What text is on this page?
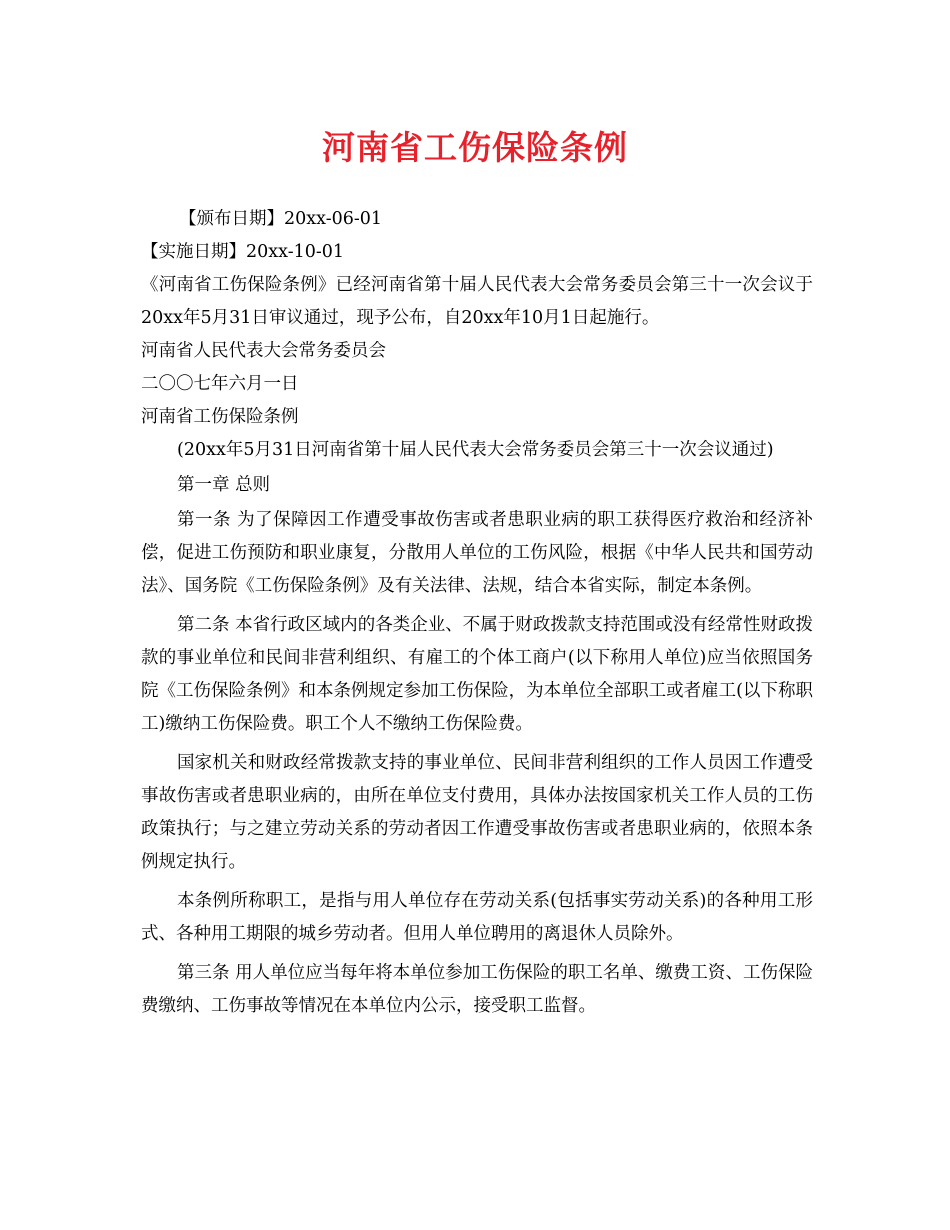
河南省工伤保险条例

【颁布日期】20xx-06-01

【实施日期】20xx-10-01

《河南省工伤保险条例》已经河南省第十届人民代表大会常务委员会第三十一次会议于20xx年5月31日审议通过，现予公布，自20xx年10月1日起施行。

河南省人民代表大会常务委员会

二〇〇七年六月一日

河南省工伤保险条例

(20xx年5月31日河南省第十届人民代表大会常务委员会第三十一次会议通过)

第一章 总则

第一条 为了保障因工作遭受事故伤害或者患职业病的职工获得医疗救治和经济补偿，促进工伤预防和职业康复，分散用人单位的工伤风险，根据《中华人民共和国劳动法》、国务院《工伤保险条例》及有关法律、法规，结合本省实际，制定本条例。

第二条 本省行政区域内的各类企业、不属于财政拨款支持范围或没有经常性财政拨款的事业单位和民间非营利组织、有雇工的个体工商户(以下称用人单位)应当依照国务院《工伤保险条例》和本条例规定参加工伤保险，为本单位全部职工或者雇工(以下称职工)缴纳工伤保险费。职工个人不缴纳工伤保险费。

国家机关和财政经常拨款支持的事业单位、民间非营利组织的工作人员因工作遭受事故伤害或者患职业病的，由所在单位支付费用，具体办法按国家机关工作人员的工伤政策执行；与之建立劳动关系的劳动者因工作遭受事故伤害或者患职业病的，依照本条例规定执行。

本条例所称职工，是指与用人单位存在劳动关系(包括事实劳动关系)的各种用工形式、各种用工期限的城乡劳动者。但用人单位聘用的离退休人员除外。

第三条 用人单位应当每年将本单位参加工伤保险的职工名单、缴费工资、工伤保险费缴纳、工伤事故等情况在本单位内公示，接受职工监督。
